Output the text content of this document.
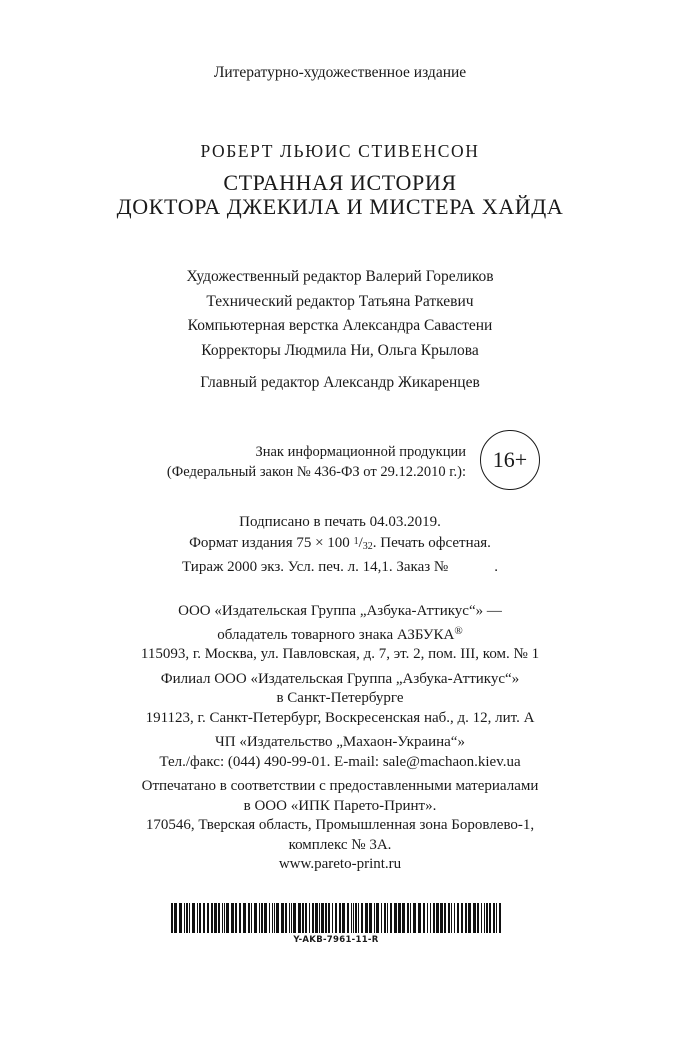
Литературно-художественное издание
РОБЕРТ ЛЬЮИС СТИВЕНСОН
СТРАННАЯ ИСТОРИЯ
ДОКТОРА ДЖЕКИЛА И МИСТЕРА ХАЙДА
Художественный редактор Валерий Гореликов
Технический редактор Татьяна Раткевич
Компьютерная верстка Александра Савастени
Корректоры Людмила Ни, Ольга Крылова
Главный редактор Александр Жикаренцев
Знак информационной продукции
(Федеральный закон № 436-ФЗ от 29.12.2010 г.): 16+
Подписано в печать 04.03.2019.
Формат издания 75 × 100 $^1$/32. Печать офсетная.
Тираж 2000 экз. Усл. печ. л. 14,1. Заказ №	.
ООО «Издательская Группа „Азбука-Аттикус“» —
обладатель товарного знака АЗБУКА®
115093, г. Москва, ул. Павловская, д. 7, эт. 2, пом. III, ком. № 1
Филиал ООО «Издательская Группа „Азбука-Аттикус“»
в Санкт-Петербурге
191123, г. Санкт-Петербург, Воскресенская наб., д. 12, лит. А
ЧП «Издательство „Махаон-Украина“»
Тел./факс: (044) 490-99-01. E-mail: sale@machaon.kiev.ua
Отпечатано в соответствии с предоставленными материалами
в ООО «ИПК Парето-Принт».
170546, Тверская область, Промышленная зона Боровлево-1,
комплекс № 3А.
www.pareto-print.ru
Y-AKB-7961-11-R
